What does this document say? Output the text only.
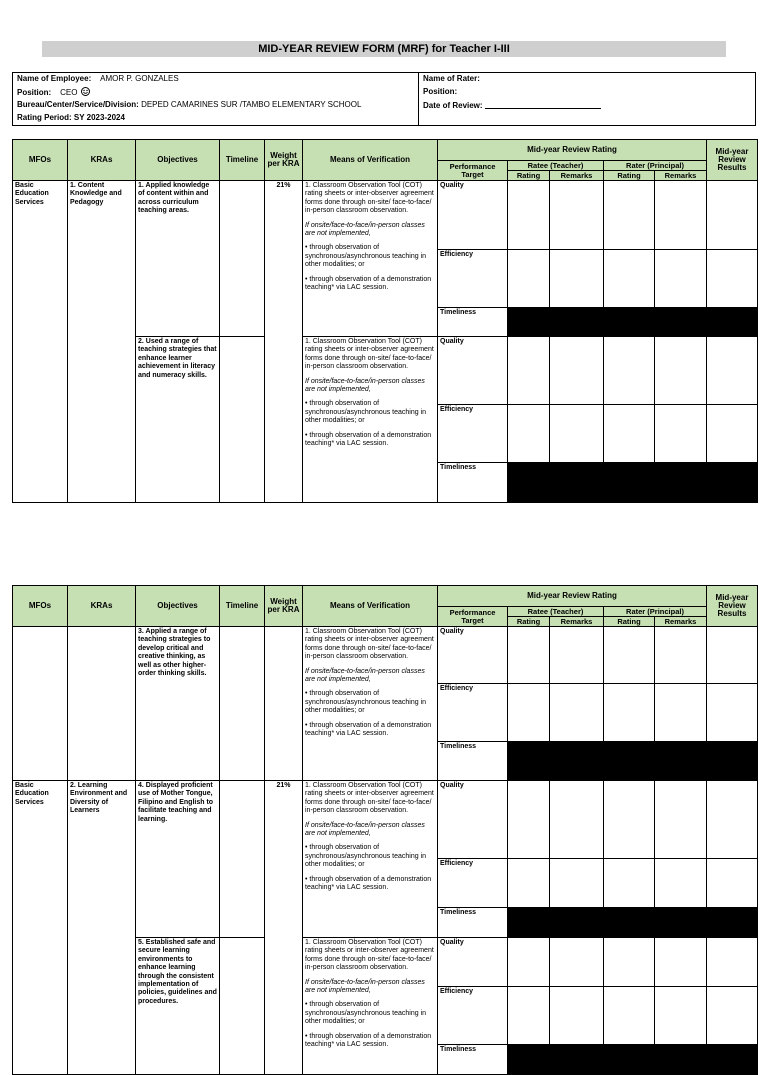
MID-YEAR REVIEW FORM (MRF) for Teacher I-III
Name of Employee: AMOR P. GONZALES
Position: CEO
Bureau/Center/Service/Division: DEPED CAMARINES SUR /TAMBO ELEMENTARY SCHOOL
Rating Period: SY 2023-2024
Name of Rater:
Position:
Date of Review:
MFOs	KRAs	Objectives	Timeline	Weight per KRA	Means of Verification	Mid-year Review Rating					Mid-year Review Results
						Performance Target	Ratee (Teacher)		Rater (Principal)		
							Rating	Remarks	Rating	Remarks	
Basic Education Services	1. Content Knowledge and Pedagogy	1. Applied knowledge of content within and across curriculum teaching areas.		21%	1. Classroom Observation Tool (COT) rating sheets or inter-observer agreement forms done through on-site/ face-to-face/ in-person classroom observation.

If onsite/face-to-face/in-person classes are not implemented,

• through observation of synchronous/asynchronous teaching in other modalities; or

• through observation of a demonstration teaching* via LAC session.	Quality					
						Efficiency					
						Timeliness					
		2. Used a range of teaching strategies that enhance learner achievement in literacy and numeracy skills.			1. Classroom Observation Tool (COT) rating sheets or inter-observer agreement forms done through on-site/ face-to-face/ in-person classroom observation.

If onsite/face-to-face/in-person classes are not implemented,

• through observation of synchronous/asynchronous teaching in other modalities; or

• through observation of a demonstration teaching* via LAC session.	Quality					
						Efficiency					
						Timeliness					
MFOs	KRAs	Objectives	Timeline	Weight per KRA	Means of Verification	Mid-year Review Rating					Mid-year Review Results
						Performance Target	Ratee (Teacher)		Rater (Principal)		
							Rating	Remarks	Rating	Remarks	
		3. Applied a range of teaching strategies to develop critical and creative thinking, as well as other higher-order thinking skills.			1. Classroom Observation Tool (COT) rating sheets or inter-observer agreement forms done through on-site/ face-to-face/ in-person classroom observation.

If onsite/face-to-face/in-person classes are not implemented,

• through observation of synchronous/asynchronous teaching in other modalities; or

• through observation of a demonstration teaching* via LAC session.	Quality					
						Efficiency					
						Timeliness					
Basic Education Services	2. Learning Environment and Diversity of Learners	4. Displayed proficient use of Mother Tongue, Filipino and English to facilitate teaching and learning.		21%	1. Classroom Observation Tool (COT) rating sheets or inter-observer agreement forms done through on-site/ face-to-face/ in-person classroom observation.

If onsite/face-to-face/in-person classes are not implemented,

• through observation of synchronous/asynchronous teaching in other modalities; or

• through observation of a demonstration teaching* via LAC session.	Quality					
						Efficiency					
						Timeliness					
		5. Established safe and secure learning environments to enhance learning through the consistent implementation of policies, guidelines and procedures.			1. Classroom Observation Tool (COT) rating sheets or inter-observer agreement forms done through on-site/ face-to-face/ in-person classroom observation.

If onsite/face-to-face/in-person classes are not implemented,

• through observation of synchronous/asynchronous teaching in other modalities; or

• through observation of a demonstration teaching* via LAC session.	Quality					
						Efficiency					
						Timeliness					
